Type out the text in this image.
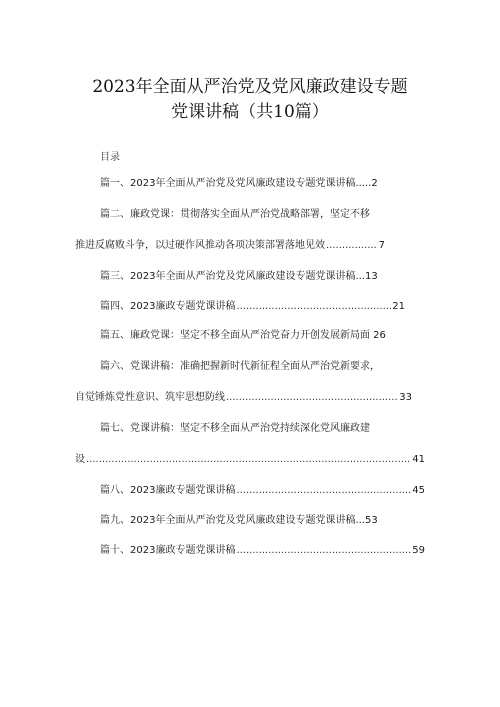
2023年全面从严治党及党风廉政建设专题
党课讲稿（共10篇）
目录
篇一、2023年全面从严治党及党风廉政建设专题党课讲稿.....2
篇二、廉政党课：贯彻落实全面从严治党战略部署，坚定不移
推进反腐败斗争，以过硬作风推动各项决策部署落地见效 .....	7
篇三、2023年全面从严治党及党风廉政建设专题党课讲稿...13
篇四、2023廉政专题党课讲稿 .....	21
篇五、廉政党课：坚定不移全面从严治党奋力开创发展新局面 26
篇六、党课讲稿：准确把握新时代新征程全面从严治党新要求，
自觉锤炼党性意识、筑牢思想防线 .....	33
篇七、党课讲稿：坚定不移全面从严治党持续深化党风廉政建
设 .....	41
篇八、2023廉政专题党课讲稿 .....	45
篇九、2023年全面从严治党及党风廉政建设专题党课讲稿...53
篇十、2023廉政专题党课讲稿 .....	59
